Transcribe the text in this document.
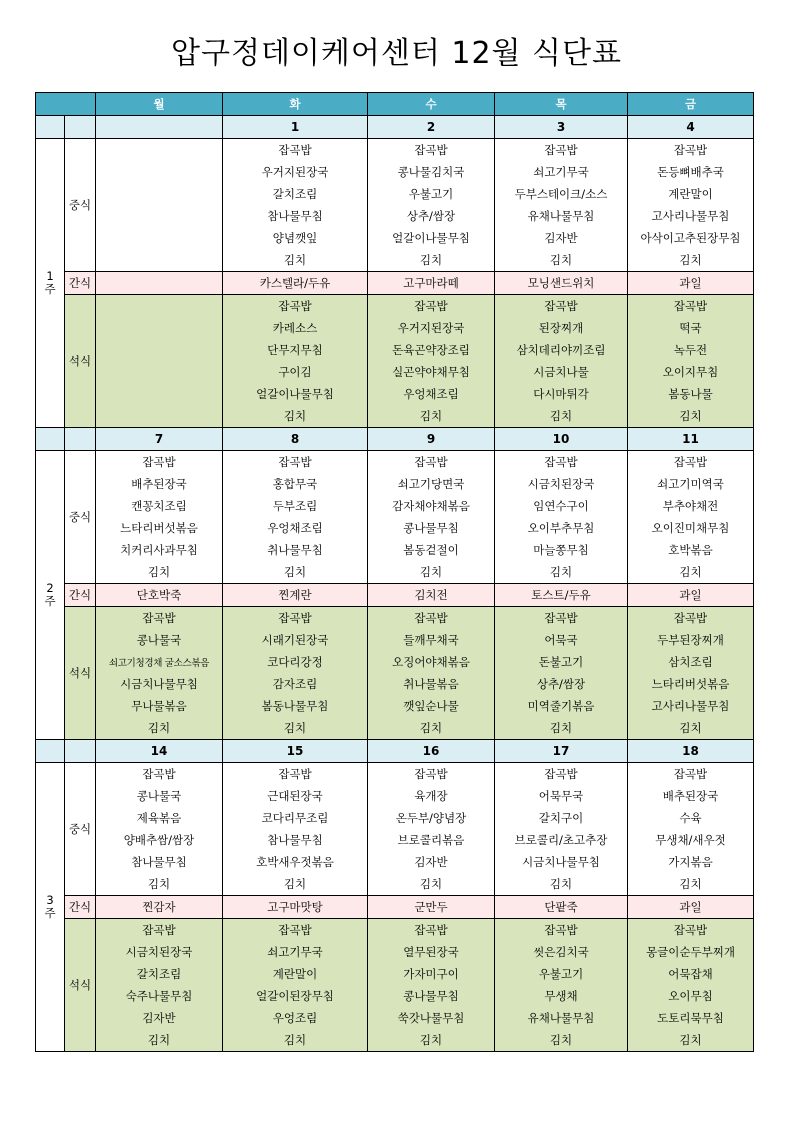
압구정데이케어센터 12월 식단표
		월	화	수	목	금
			1	2	3	4
1
주	중식		잡곡밥	잡곡밥	잡곡밥	잡곡밥
			우거지된장국	콩나물김치국	쇠고기무국	돈등뼈배추국
			갈치조림	우불고기	두부스테이크/소스	계란말이
			참나물무침	상추/쌈장	유채나물무침	고사리나물무침
			양념깻잎	얼갈이나물무침	김자반	아삭이고추된장무침
			김치	김치	김치	김치
	간식		카스텔라/두유	고구마라떼	모닝샌드위치	과일
	석식		잡곡밥	잡곡밥	잡곡밥	잡곡밥
			카레소스	우거지된장국	된장찌개	떡국
			단무지무침	돈육곤약장조림	삼치데리야끼조림	녹두전
			구이김	실곤약야채무침	시금치나물	오이지무침
			얼갈이나물무침	우엉채조림	다시마튀각	봄동나물
			김치	김치	김치	김치
		7	8	9	10	11
2
주	중식	잡곡밥	잡곡밥	잡곡밥	잡곡밥	잡곡밥
		배추된장국	홍합무국	쇠고기당면국	시금치된장국	쇠고기미역국
		캔꽁치조림	두부조림	감자채야채볶음	임연수구이	부추야채전
		느타리버섯볶음	우엉채조림	콩나물무침	오이부추무침	오이진미채무침
		치커리사과무침	취나물무침	봄동겉절이	마늘쫑무침	호박볶음
		김치	김치	김치	김치	김치
	간식	단호박죽	찐계란	김치전	토스트/두유	과일
	석식	잡곡밥	잡곡밥	잡곡밥	잡곡밥	잡곡밥
		콩나물국	시래기된장국	들깨무채국	어묵국	두부된장찌개
		쇠고기청경채 굴소스볶음	코다리강정	오징어야채볶음	돈불고기	삼치조림
		시금치나물무침	감자조림	취나물볶음	상추/쌈장	느타리버섯볶음
		무나물볶음	봄동나물무침	깻잎순나물	미역줄기볶음	고사리나물무침
		김치	김치	김치	김치	김치
		14	15	16	17	18
3
주	중식	잡곡밥	잡곡밥	잡곡밥	잡곡밥	잡곡밥
		콩나물국	근대된장국	육개장	어묵무국	배추된장국
		제육볶음	코다리무조림	온두부/양념장	갈치구이	수육
		양배추쌈/쌈장	참나물무침	브로콜리볶음	브로콜리/초고추장	무생채/새우젓
		참나물무침	호박새우젓볶음	김자반	시금치나물무침	가지볶음
		김치	김치	김치	김치	김치
	간식	찐감자	고구마맛탕	군만두	단팥죽	과일
	석식	잡곡밥	잡곡밥	잡곡밥	잡곡밥	잡곡밥
		시금치된장국	쇠고기무국	열무된장국	씻은김치국	몽글이순두부찌개
		갈치조림	계란말이	가자미구이	우불고기	어묵잡채
		숙주나물무침	얼갈이된장무침	콩나물무침	무생채	오이무침
		김자반	우엉조림	쑥갓나물무침	유채나물무침	도토리묵무침
		김치	김치	김치	김치	김치
